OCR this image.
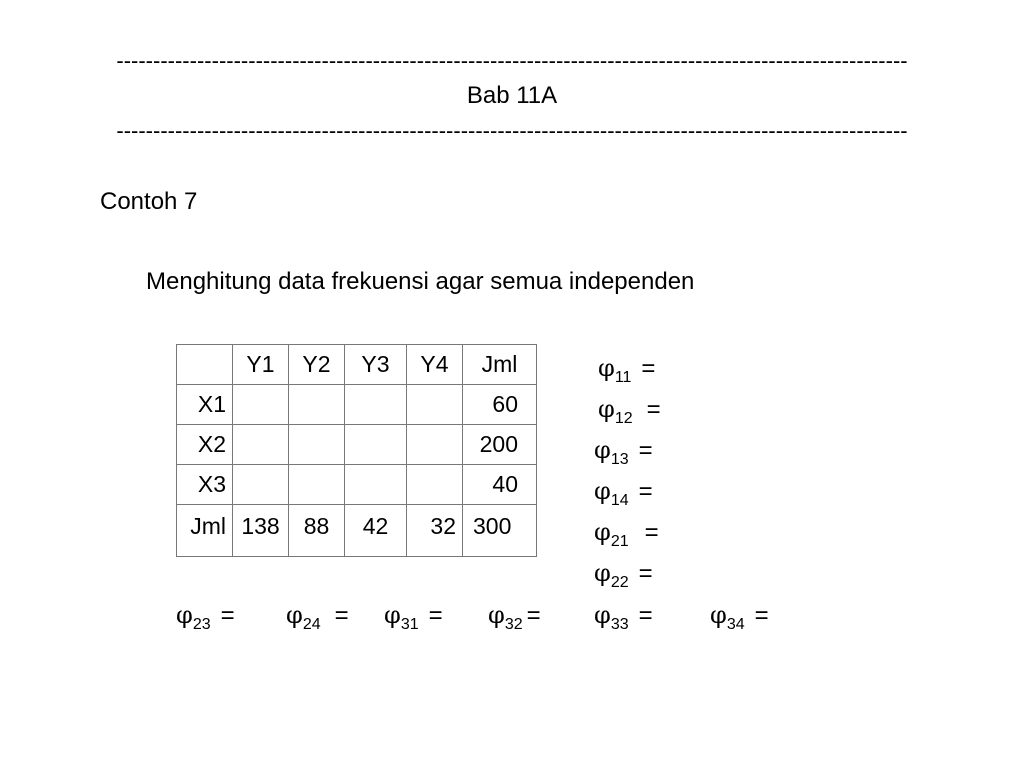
------------------------------------------------------------------------------------------------------------
Bab 11A
------------------------------------------------------------------------------------------------------------
Contoh 7
Menghitung data frekuensi agar semua independen
	Y1	Y2	Y3	Y4	Jml
X1					60
X2					200
X3					40
Jml	138	88	42	32	300
$\varphi_{11}$ =
$\varphi_{12}$ =
$\varphi_{13}$ =
$\varphi_{14}$ =
$\varphi_{21}$ =
$\varphi_{22}$ =
$\varphi_{23} = \varphi_{24} = \varphi_{31} = \varphi_{32} = \varphi_{33} = \varphi_{34}$ =
